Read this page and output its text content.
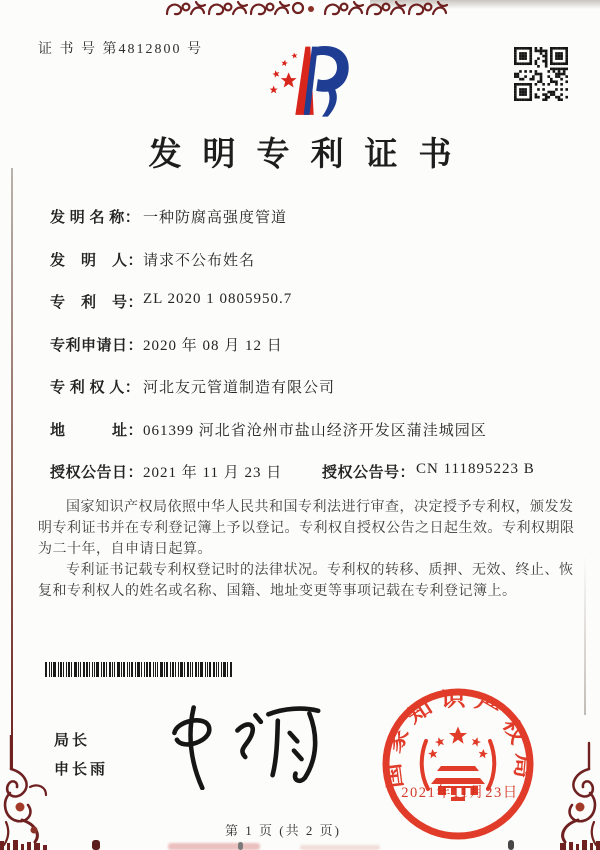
证 书 号 第4812800 号
发明专利证书
发 明 名 称： 一种防腐高强度管道
发　明　人： 请求不公布姓名
专　利　号： ZL 2020 1 0805950.7
专利申请日： 2020 年 08 月 12 日
专 利 权 人： 河北友元管道制造有限公司
地　　　址： 061399 河北省沧州市盐山经济开发区蒲洼城园区
授权公告日： 2021 年 11 月 23 日	授权公告号： CN 111895223 B

国家知识产权局依照中华人民共和国专利法进行审查，决定授予专利权，颁发发明专利证书并在专利登记簿上予以登记。专利权自授权公告之日起生效。专利权期限为二十年，自申请日起算。

专利证书记载专利权登记时的法律状况。专利权的转移、质押、无效、终止、恢复和专利权人的姓名或名称、国籍、地址变更等事项记载在专利登记簿上。

局长
申长雨	国家知识产权局
2021年11月23日
第 1 页 (共 2 页)
